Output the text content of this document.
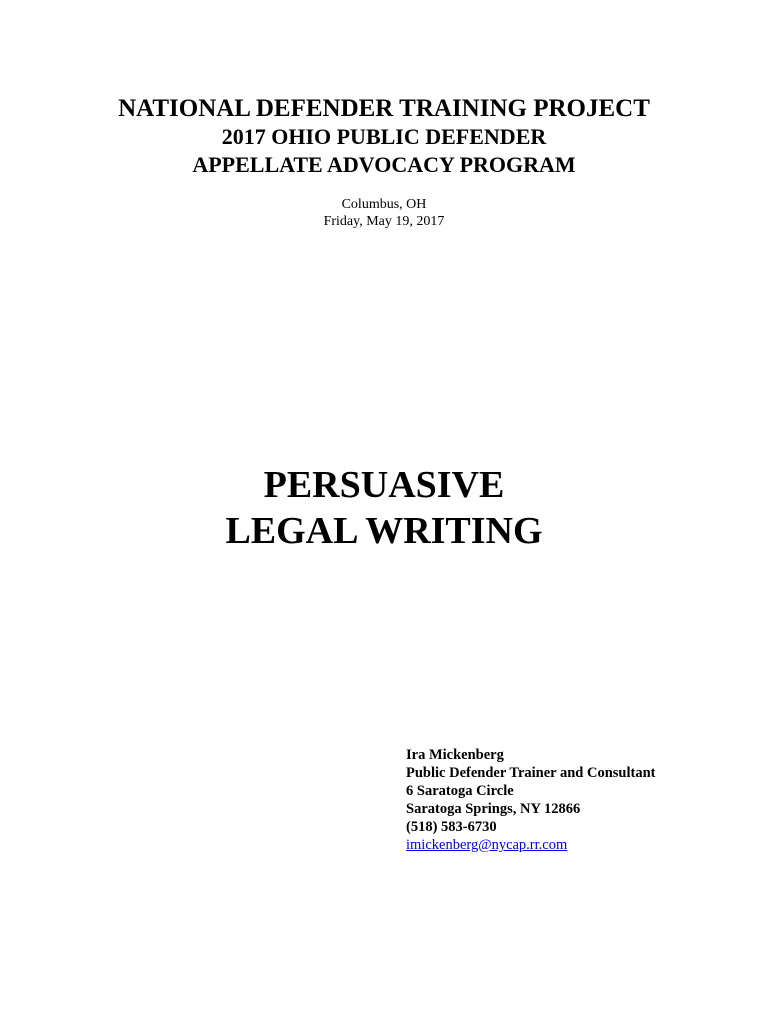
NATIONAL DEFENDER TRAINING PROJECT

2017 OHIO PUBLIC DEFENDER

APPELLATE ADVOCACY PROGRAM

Columbus, OH
Friday, May 19, 2017
PERSUASIVE
LEGAL WRITING
Ira Mickenberg
Public Defender Trainer and Consultant
6 Saratoga Circle
Saratoga Springs, NY 12866
(518) 583-6730
imickenberg@nycap.rr.com
